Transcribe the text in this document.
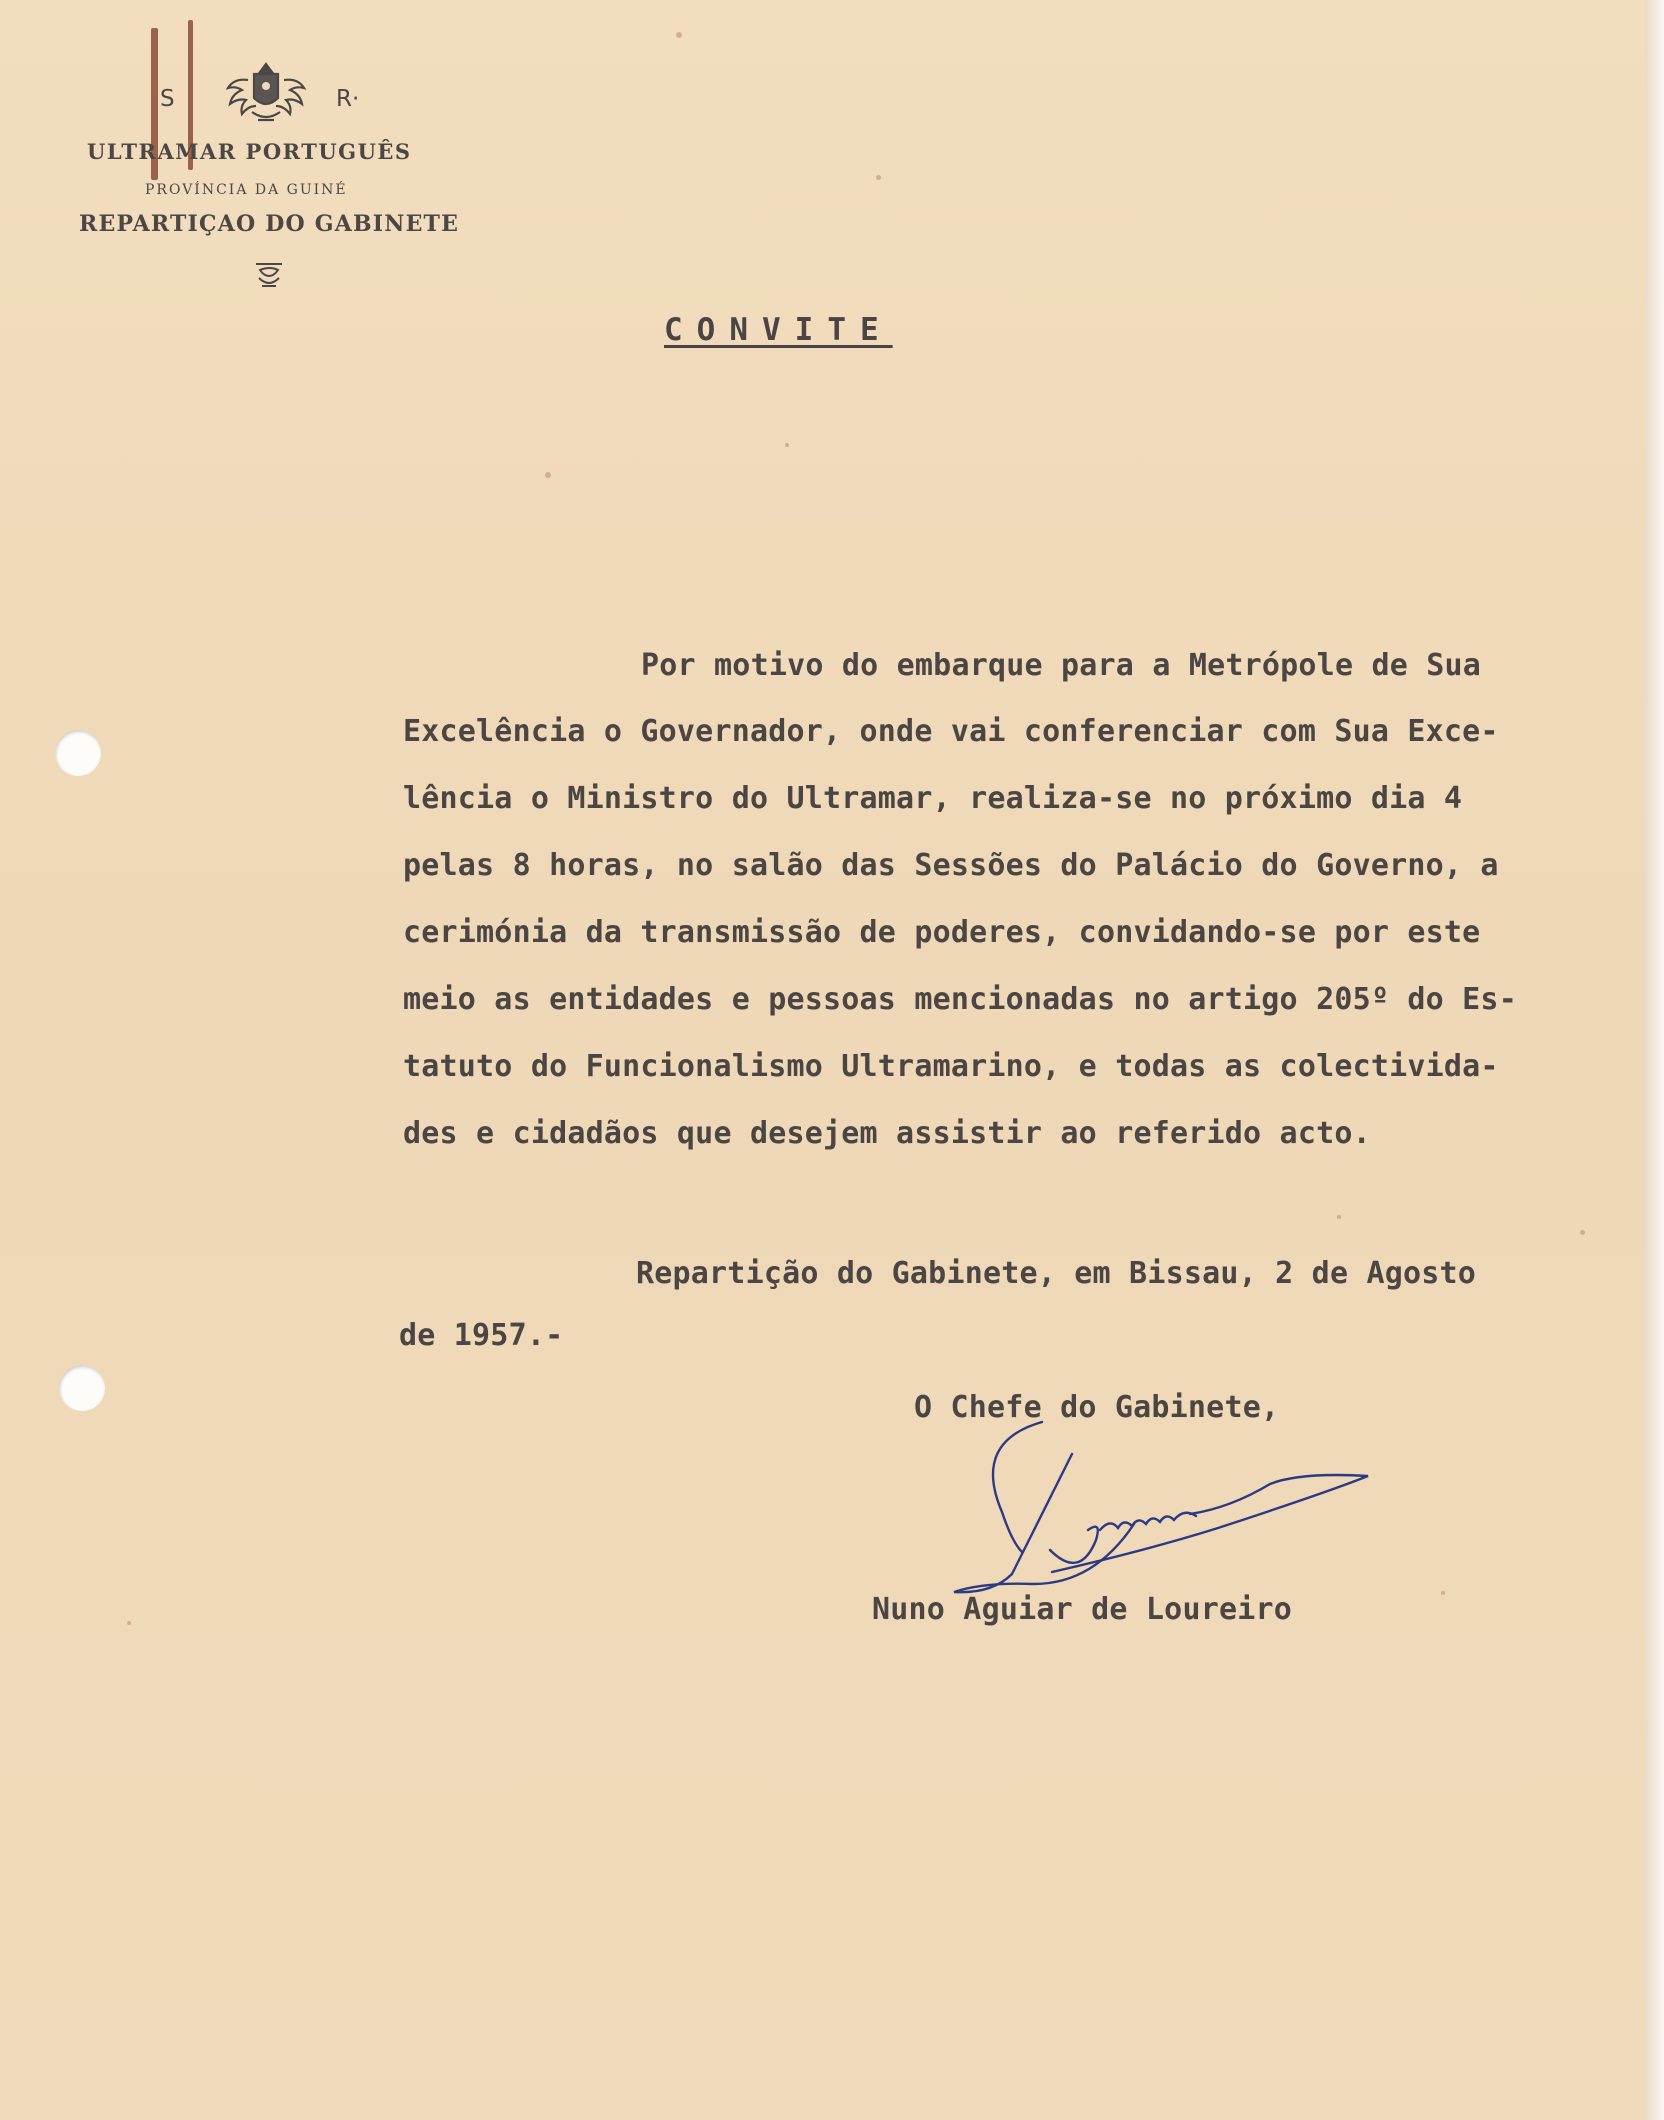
S	R·
ULTRAMAR PORTUGUÊS
PROVÍNCIA DA GUINÉ
REPARTIÇAO DO GABINETE
CONVITE
Por motivo do embarque para a Metrópole de Sua
Excelência o Governador, onde vai conferenciar com Sua Exce-
lência o Ministro do Ultramar, realiza-se no próximo dia 4
pelas 8 horas, no salão das Sessões do Palácio do Governo, a
cerimónia da transmissão de poderes, convidando-se por este
meio as entidades e pessoas mencionadas no artigo 205º do Es-
tatuto do Funcionalismo Ultramarino, e todas as colectivida-
des e cidadãos que desejem assistir ao referido acto.
Repartição do Gabinete, em Bissau, 2 de Agosto
de 1957.-
O Chefe do Gabinete,
Nuno Aguiar de Loureiro
